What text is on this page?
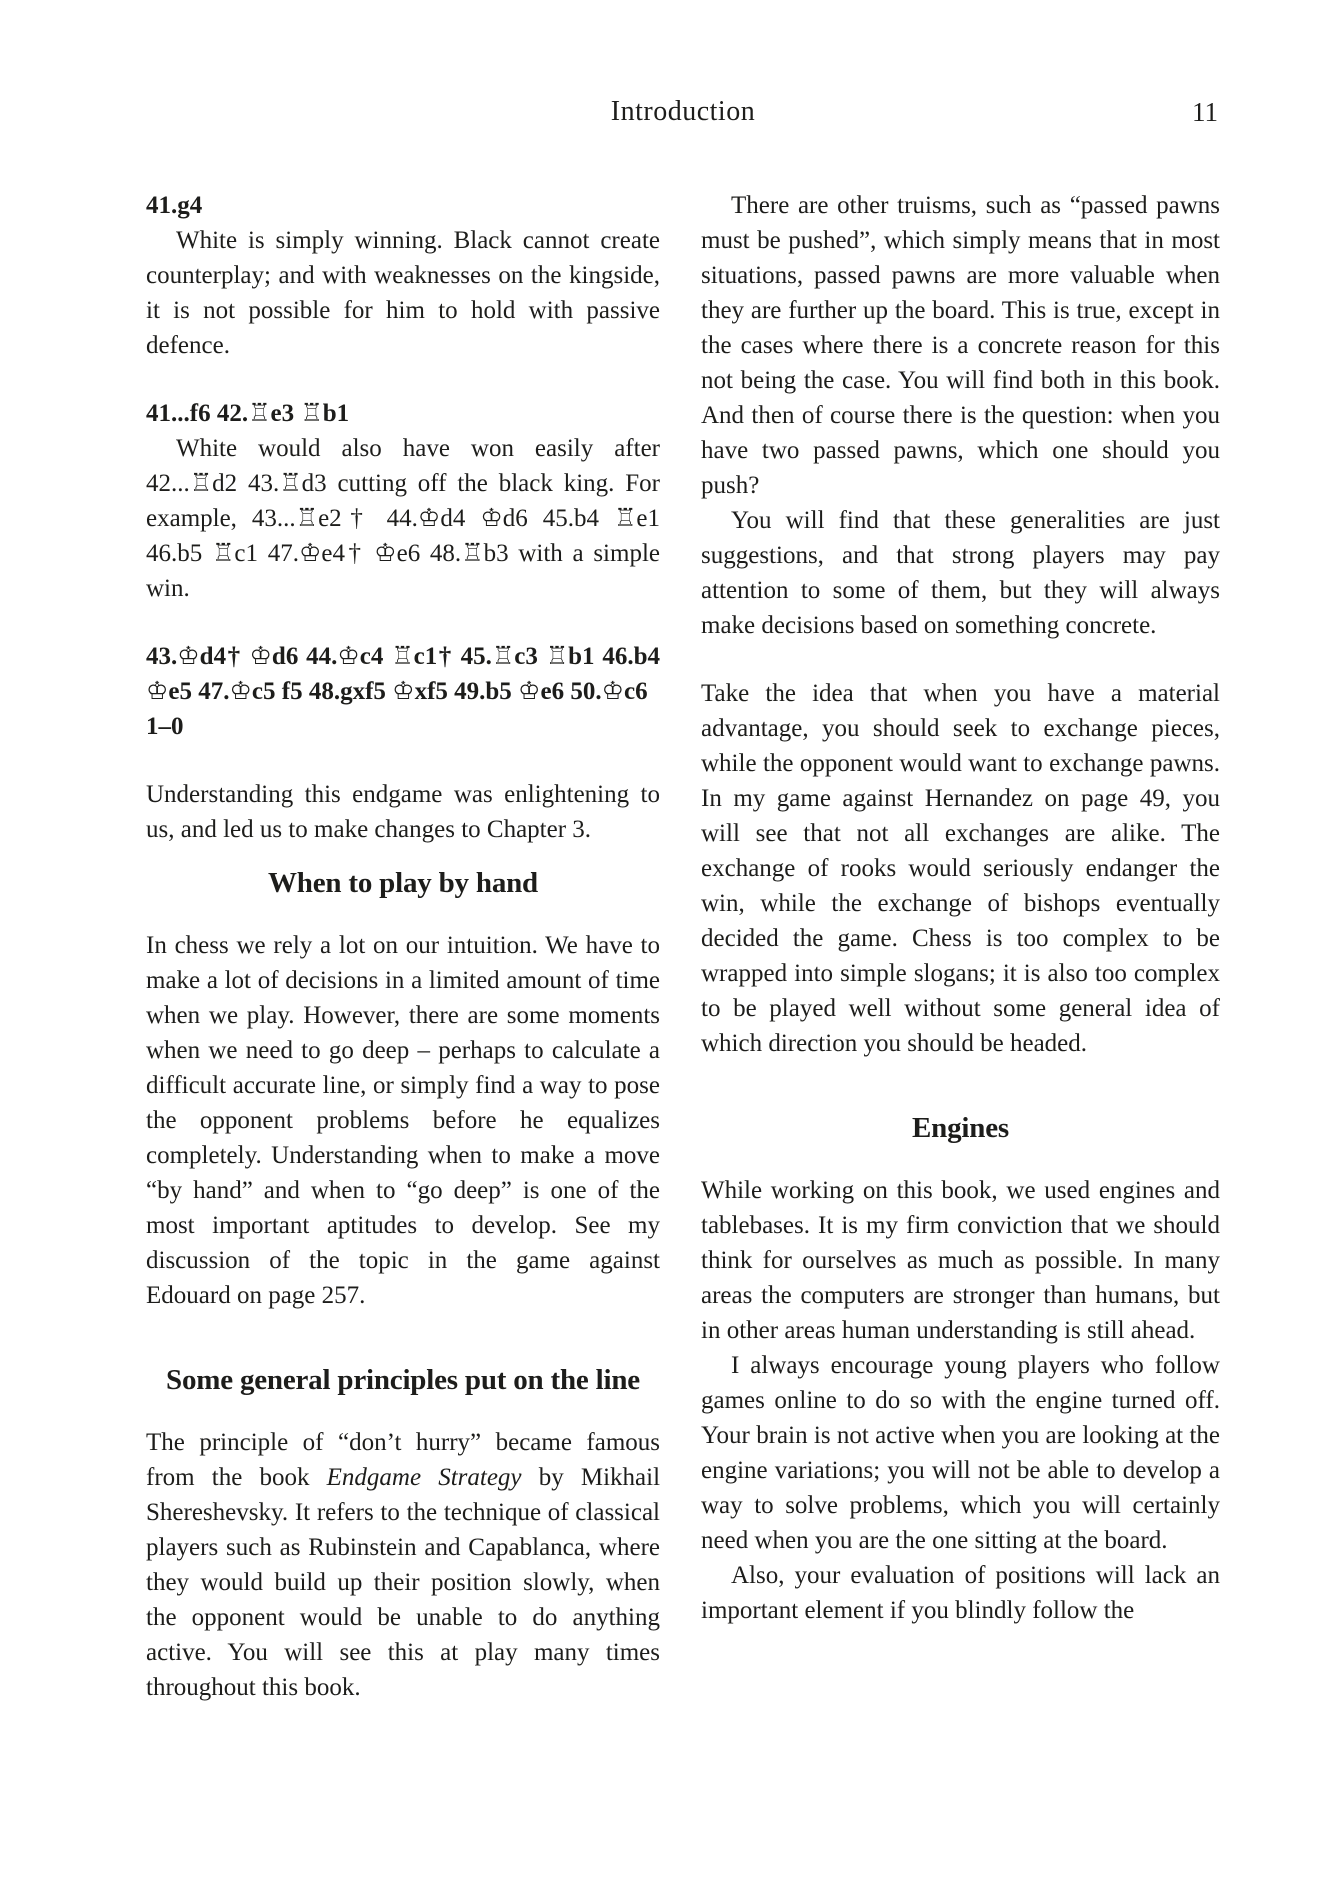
Introduction	11

41.g4

White is simply winning. Black cannot create counterplay; and with weaknesses on the kingside, it is not possible for him to hold with passive defence.

41...f6 42.♖e3 ♖b1

White would also have won easily after 42...♖d2 43.♖d3 cutting off the black king. For example, 43...♖e2† 44.♔d4 ♔d6 45.b4 ♖e1 46.b5 ♖c1 47.♔e4† ♔e6 48.♖b3 with a simple win.

43.♔d4† ♔d6 44.♔c4 ♖c1† 45.♖c3 ♖b1 46.b4 ♔e5 47.♔c5 f5 48.gxf5 ♔xf5 49.b5 ♔e6 50.♔c6

1–0

Understanding this endgame was enlightening to us, and led us to make changes to Chapter 3.

When to play by hand

In chess we rely a lot on our intuition. We have to make a lot of decisions in a limited amount of time when we play. However, there are some moments when we need to go deep – perhaps to calculate a difficult accurate line, or simply find a way to pose the opponent problems before he equalizes completely. Understanding when to make a move “by hand” and when to “go deep” is one of the most important aptitudes to develop. See my discussion of the topic in the game against Edouard on page 257.

Some general principles put on the line

The principle of “don’t hurry” became famous from the book Endgame Strategy by Mikhail Shereshevsky. It refers to the technique of classical players such as Rubinstein and Capablanca, where they would build up their position slowly, when the opponent would be unable to do anything active. You will see this at play many times throughout this book.

There are other truisms, such as “passed pawns must be pushed”, which simply means that in most situations, passed pawns are more valuable when they are further up the board. This is true, except in the cases where there is a concrete reason for this not being the case. You will find both in this book. And then of course there is the question: when you have two passed pawns, which one should you push?

You will find that these generalities are just suggestions, and that strong players may pay attention to some of them, but they will always make decisions based on something concrete.

Take the idea that when you have a material advantage, you should seek to exchange pieces, while the opponent would want to exchange pawns. In my game against Hernandez on page 49, you will see that not all exchanges are alike. The exchange of rooks would seriously endanger the win, while the exchange of bishops eventually decided the game. Chess is too complex to be wrapped into simple slogans; it is also too complex to be played well without some general idea of which direction you should be headed.

Engines

While working on this book, we used engines and tablebases. It is my firm conviction that we should think for ourselves as much as possible. In many areas the computers are stronger than humans, but in other areas human understanding is still ahead.

I always encourage young players who follow games online to do so with the engine turned off. Your brain is not active when you are looking at the engine variations; you will not be able to develop a way to solve problems, which you will certainly need when you are the one sitting at the board.

Also, your evaluation of positions will lack an important element if you blindly follow the
